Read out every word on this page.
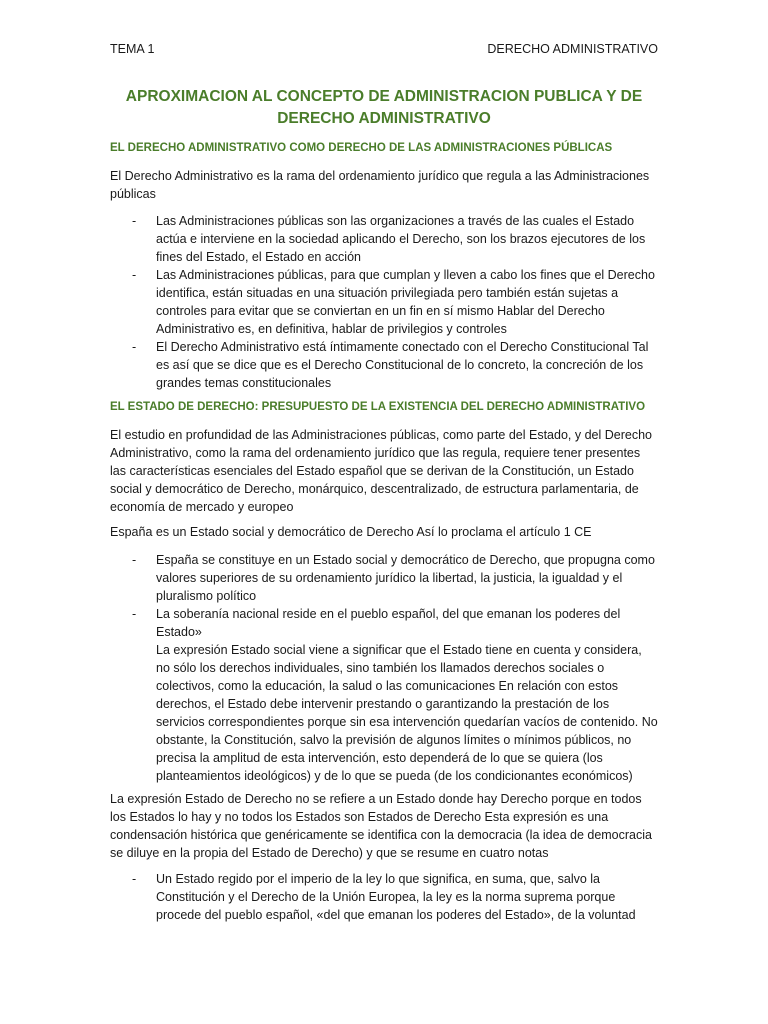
TEMA 1	DERECHO ADMINISTRATIVO
APROXIMACION AL CONCEPTO DE ADMINISTRACION PUBLICA Y DE
DERECHO ADMINISTRATIVO
EL DERECHO ADMINISTRATIVO COMO DERECHO DE LAS ADMINISTRACIONES PÚBLICAS
El Derecho Administrativo es la rama del ordenamiento jurídico que regula a las Administraciones públicas
- Las Administraciones públicas son las organizaciones a través de las cuales el Estado actúa e interviene en la sociedad aplicando el Derecho, son los brazos ejecutores de los fines del Estado, el Estado en acción
- Las Administraciones públicas, para que cumplan y lleven a cabo los fines que el Derecho identifica, están situadas en una situación privilegiada pero también están sujetas a controles para evitar que se conviertan en un fin en sí mismo Hablar del Derecho Administrativo es, en definitiva, hablar de privilegios y controles
- El Derecho Administrativo está íntimamente conectado con el Derecho Constitucional Tal es así que se dice que es el Derecho Constitucional de lo concreto, la concreción de los grandes temas constitucionales
EL ESTADO DE DERECHO: PRESUPUESTO DE LA EXISTENCIA DEL DERECHO ADMINISTRATIVO
El estudio en profundidad de las Administraciones públicas, como parte del Estado, y del Derecho Administrativo, como la rama del ordenamiento jurídico que las regula, requiere tener presentes las características esenciales del Estado español que se derivan de la Constitución, un Estado social y democrático de Derecho, monárquico, descentralizado, de estructura parlamentaria, de economía de mercado y europeo
España es un Estado social y democrático de Derecho Así lo proclama el artículo 1 CE
- España se constituye en un Estado social y democrático de Derecho, que propugna como valores superiores de su ordenamiento jurídico la libertad, la justicia, la igualdad y el pluralismo político
- La soberanía nacional reside en el pueblo español, del que emanan los poderes del Estado»
La expresión Estado social viene a significar que el Estado tiene en cuenta y considera, no sólo los derechos individuales, sino también los llamados derechos sociales o colectivos, como la educación, la salud o las comunicaciones En relación con estos derechos, el Estado debe intervenir prestando o garantizando la prestación de los servicios correspondientes porque sin esa intervención quedarían vacíos de contenido. No obstante, la Constitución, salvo la previsión de algunos límites o mínimos públicos, no precisa la amplitud de esta intervención, esto dependerá de lo que se quiera (los planteamientos ideológicos) y de lo que se pueda (de los condicionantes económicos)
La expresión Estado de Derecho no se refiere a un Estado donde hay Derecho porque en todos los Estados lo hay y no todos los Estados son Estados de Derecho Esta expresión es una condensación histórica que genéricamente se identifica con la democracia (la idea de democracia se diluye en la propia del Estado de Derecho) y que se resume en cuatro notas
- Un Estado regido por el imperio de la ley lo que significa, en suma, que, salvo la Constitución y el Derecho de la Unión Europea, la ley es la norma suprema porque procede del pueblo español, «del que emanan los poderes del Estado», de la voluntad
